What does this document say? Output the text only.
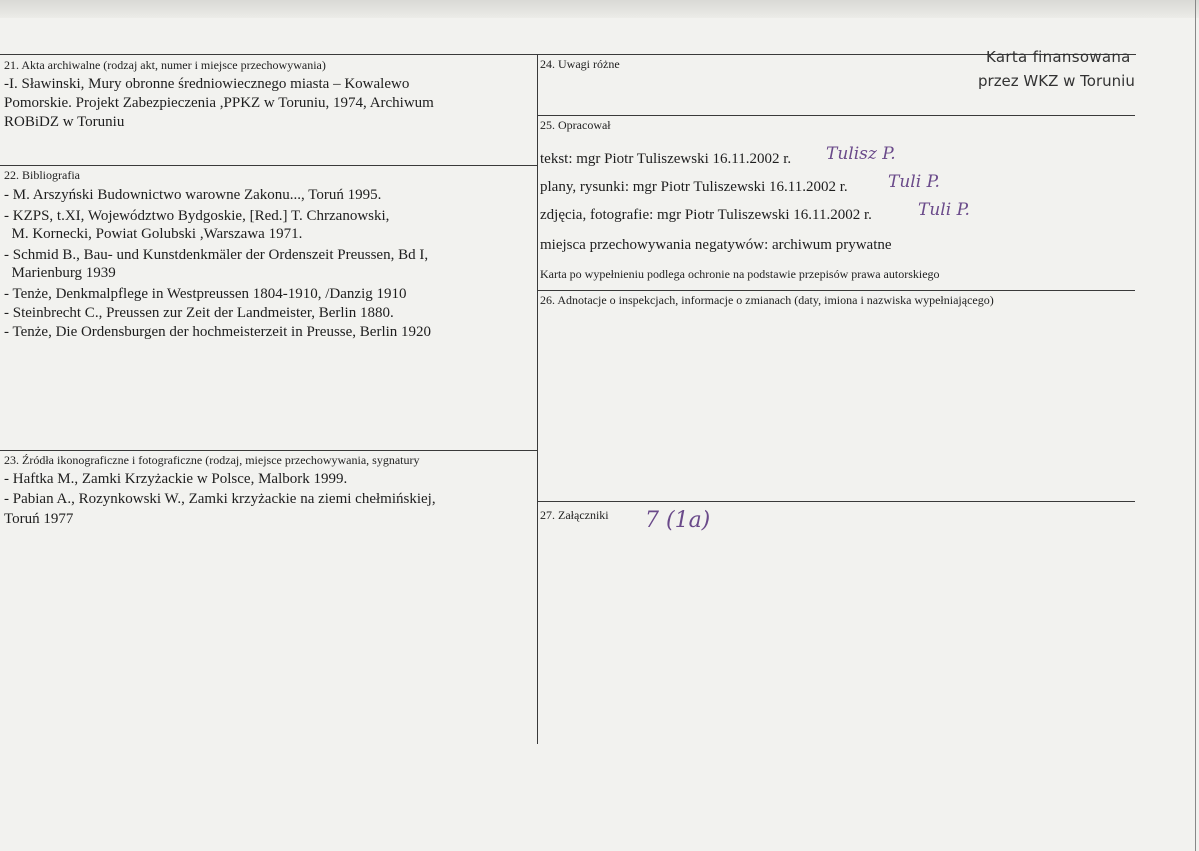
Karta finansowana
przez WKZ w Toruniu
21. Akta archiwalne (rodzaj akt, numer i miejsce przechowywania)
-I. Sławinski, Mury obronne średniowiecznego miasta – Kowalewo
Pomorskie. Projekt Zabezpieczenia ,PPKZ w Toruniu, 1974, Archiwum
ROBiDZ w Toruniu
22. Bibliografia
- M. Arszyński Budownictwo warowne Zakonu..., Toruń 1995.
- KZPS, t.XI, Województwo Bydgoskie, [Red.] T. Chrzanowski,
M. Kornecki, Powiat Golubski ,Warszawa 1971.
- Schmid B., Bau- und Kunstdenkmäler der Ordenszeit Preussen, Bd I,
Marienburg 1939
- Tenże, Denkmalpflege in Westpreussen 1804-1910, /Danzig 1910
- Steinbrecht C., Preussen zur Zeit der Landmeister, Berlin 1880.
- Tenże, Die Ordensburgen der hochmeisterzeit in Preusse, Berlin 1920
23. Źródła ikonograficzne i fotograficzne (rodzaj, miejsce przechowywania, sygnatury
- Haftka M., Zamki Krzyżackie w Polsce, Malbork 1999.
- Pabian A., Rozynkowski W., Zamki krzyżackie na ziemi chełmińskiej,
Toruń 1977
24. Uwagi różne
25. Opracował
tekst: mgr Piotr Tuliszewski 16.11.2002 r. Tulisz P.
plany, rysunki: mgr Piotr Tuliszewski 16.11.2002 r. Tuli P.
zdjęcia, fotografie: mgr Piotr Tuliszewski 16.11.2002 r.	Tuli P.
miejsca przechowywania negatywów: archiwum prywatne
Karta po wypełnieniu podlega ochronie na podstawie przepisów prawa autorskiego
26. Adnotacje o inspekcjach, informacje o zmianach (daty, imiona i nazwiska wypełniającego)
27. Załączniki 7 (1a)
